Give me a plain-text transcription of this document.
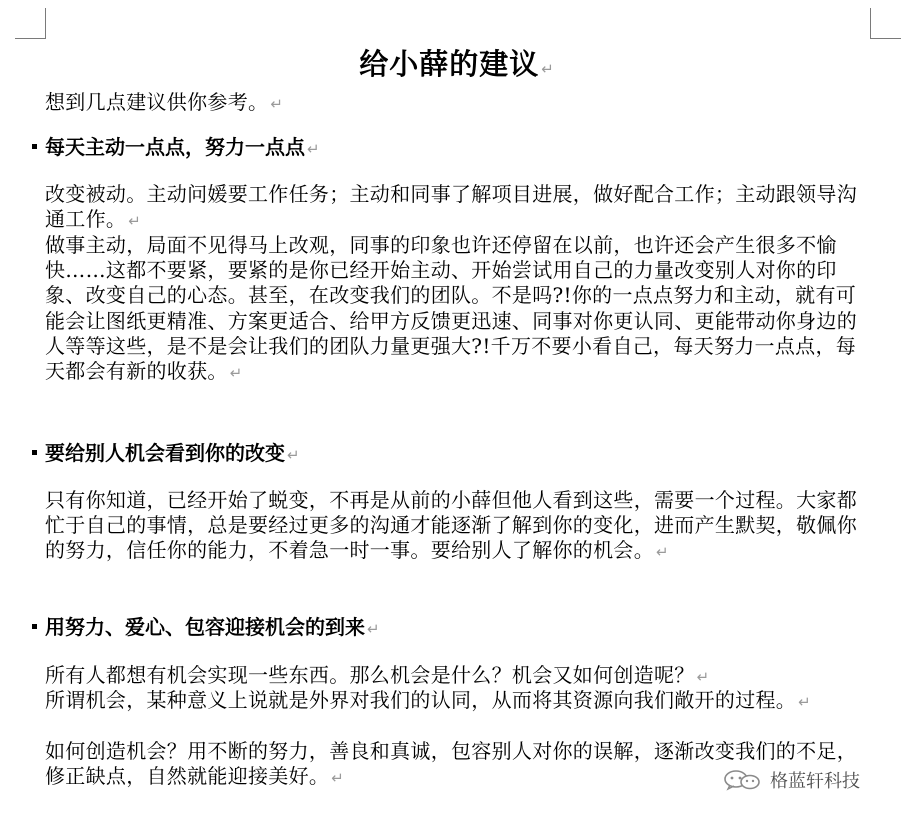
给小薛的建议 ↵
想到几点建议供你参考。 ↵
每天主动一点点，努力一点点 ↵
改变被动。主动问媛要工作任务；主动和同事了解项目进展，做好配合工作；主动跟领导沟通工作。 ↵
做事主动，局面不见得马上改观，同事的印象也许还停留在以前，也许还会产生很多不愉快……这都不要紧，要紧的是你已经开始主动、开始尝试用自己的力量改变别人对你的印象、改变自己的心态。甚至，在改变我们的团队。不是吗?!你的一点点努力和主动，就有可能会让图纸更精准、方案更适合、给甲方反馈更迅速、同事对你更认同、更能带动你身边的人等等这些，是不是会让我们的团队力量更强大?!千万不要小看自己，每天努力一点点，每天都会有新的收获。 ↵
要给别人机会看到你的改变 ↵
只有你知道，已经开始了蜕变，不再是从前的小薛但他人看到这些，需要一个过程。大家都忙于自己的事情，总是要经过更多的沟通才能逐渐了解到你的变化，进而产生默契，敬佩你的努力，信任你的能力，不着急一时一事。要给别人了解你的机会。 ↵
用努力、爱心、包容迎接机会的到来 ↵
所有人都想有机会实现一些东西。那么机会是什么？机会又如何创造呢？ ↵
所谓机会，某种意义上说就是外界对我们的认同，从而将其资源向我们敞开的过程。 ↵
如何创造机会？用不断的努力，善良和真诚，包容别人对你的误解，逐渐改变我们的不足，修正缺点，自然就能迎接美好。 ↵	格蓝轩科技
